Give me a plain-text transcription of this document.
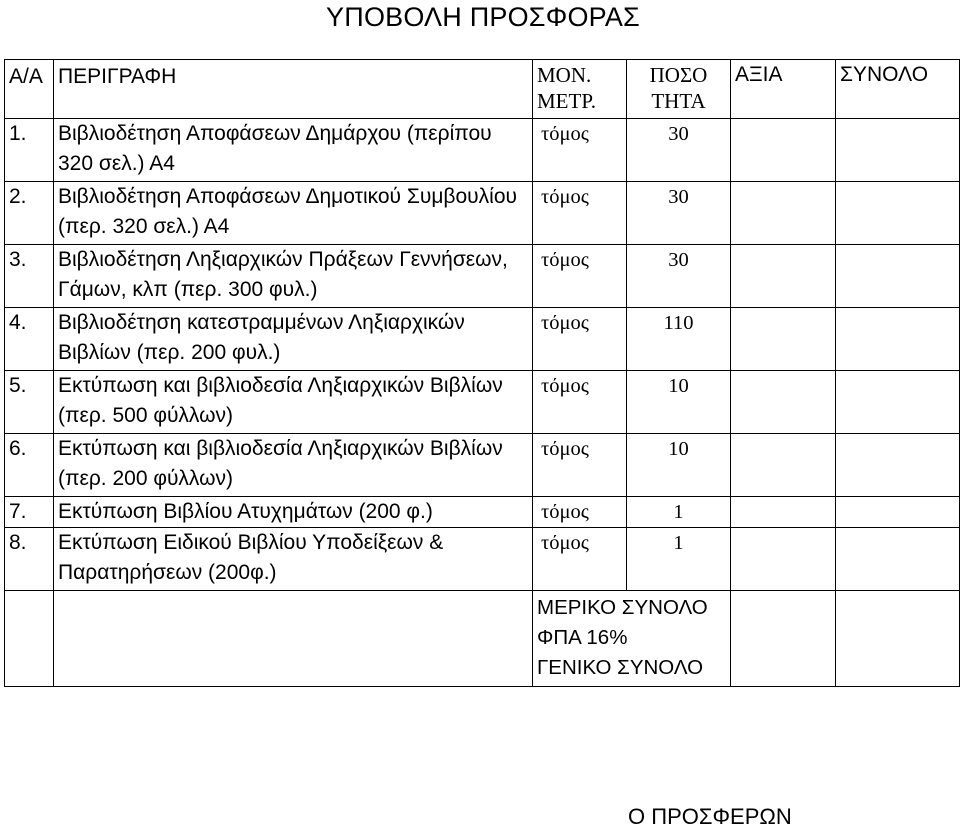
ΥΠΟΒΟΛΗ ΠΡΟΣΦΟΡΑΣ
Α/Α	ΠΕΡΙΓΡΑΦΗ	ΜΟΝ. ΜΕΤΡ.	ΠΟΣΟ ΤΗΤΑ	ΑΞΙΑ	ΣΥΝΟΛΟ
1.	Βιβλιοδέτηση Αποφάσεων Δημάρχου (περίπου 320 σελ.) Α4	τόμος	30		
2.	Βιβλιοδέτηση Αποφάσεων Δημοτικού Συμβουλίου (περ. 320 σελ.) Α4	τόμος	30		
3.	Βιβλιοδέτηση Ληξιαρχικών Πράξεων Γεννήσεων, Γάμων, κλπ (περ. 300 φυλ.)	τόμος	30		
4.	Βιβλιοδέτηση κατεστραμμένων Ληξιαρχικών Βιβλίων (περ. 200 φυλ.)	τόμος	110		
5.	Εκτύπωση και βιβλιοδεσία Ληξιαρχικών Βιβλίων (περ. 500 φύλλων)	τόμος	10		
6.	Εκτύπωση και βιβλιοδεσία Ληξιαρχικών Βιβλίων (περ. 200 φύλλων)	τόμος	10		
7.	Εκτύπωση Βιβλίου Ατυχημάτων (200 φ.)	τόμος	1		
8.	Εκτύπωση Ειδικού Βιβλίου Υποδείξεων & Παρατηρήσεων (200φ.)	τόμος	1		

		ΜΕΡΙΚΟ ΣΥΝΟΛΟ
ΦΠΑ 16%
ΓΕΝΙΚΟ ΣΥΝΟΛΟ			

Ο ΠΡΟΣΦΕΡΩΝ
